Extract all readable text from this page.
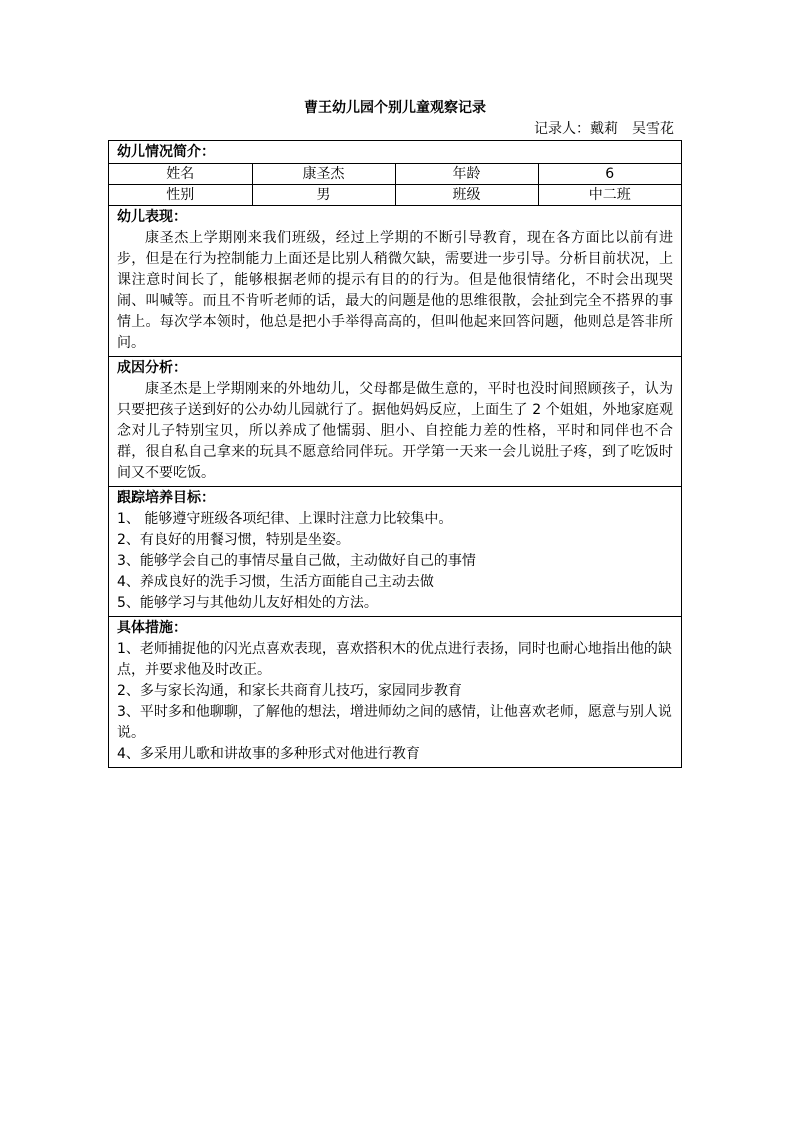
曹王幼儿园个别儿童观察记录
记录人：戴莉　吴雪花
幼儿情况简介：
姓名	康圣杰	年龄	6
性别	男	班级	中二班
幼儿表现：
康圣杰上学期刚来我们班级，经过上学期的不断引导教育，现在各方面比以前有进步，但是在行为控制能力上面还是比别人稍微欠缺，需要进一步引导。分析目前状况，上课注意时间长了，能够根据老师的提示有目的的行为。但是他很情绪化，不时会出现哭闹、叫喊等。而且不肯听老师的话，最大的问题是他的思维很散，会扯到完全不搭界的事情上。每次学本领时，他总是把小手举得高高的，但叫他起来回答问题，他则总是答非所问。
成因分析：
康圣杰是上学期刚来的外地幼儿，父母都是做生意的，平时也没时间照顾孩子，认为只要把孩子送到好的公办幼儿园就行了。据他妈妈反应，上面生了 2 个姐姐，外地家庭观念对儿子特别宝贝，所以养成了他懦弱、胆小、自控能力差的性格，平时和同伴也不合群，很自私自己拿来的玩具不愿意给同伴玩。开学第一天来一会儿说肚子疼，到了吃饭时间又不要吃饭。
跟踪培养目标：
1、 能够遵守班级各项纪律、上课时注意力比较集中。
2、有良好的用餐习惯，特别是坐姿。
3、能够学会自己的事情尽量自己做，主动做好自己的事情
4、养成良好的洗手习惯，生活方面能自己主动去做
5、能够学习与其他幼儿友好相处的方法。
具体措施：
1、老师捕捉他的闪光点喜欢表现，喜欢搭积木的优点进行表扬，同时也耐心地指出他的缺点，并要求他及时改正。
2、多与家长沟通，和家长共商育儿技巧，家园同步教育
3、平时多和他聊聊，了解他的想法，增进师幼之间的感情，让他喜欢老师，愿意与别人说说。
4、多采用儿歌和讲故事的多种形式对他进行教育
